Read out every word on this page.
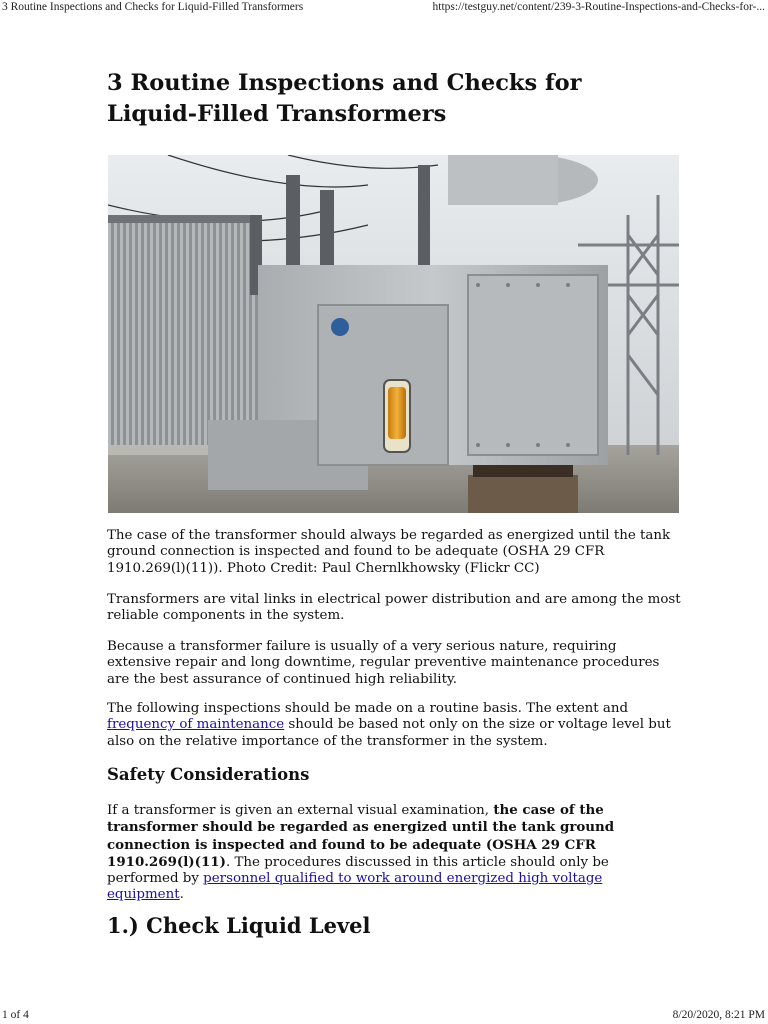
3 Routine Inspections and Checks for Liquid-Filled Transformers	https://testguy.net/content/239-3-Routine-Inspections-and-Checks-for-...
3 Routine Inspections and Checks for Liquid-Filled Transformers

The case of the transformer should always be regarded as energized until the tank ground connection is inspected and found to be adequate (OSHA 29 CFR 1910.269(l)(11)). Photo Credit: Paul Chernlkhowsky (Flickr CC)

Transformers are vital links in electrical power distribution and are among the most reliable components in the system.

Because a transformer failure is usually of a very serious nature, requiring extensive repair and long downtime, regular preventive maintenance procedures are the best assurance of continued high reliability.

The following inspections should be made on a routine basis. The extent and frequency of maintenance should be based not only on the size or voltage level but also on the relative importance of the transformer in the system.

Safety Considerations

If a transformer is given an external visual examination, the case of the transformer should be regarded as energized until the tank ground connection is inspected and found to be adequate (OSHA 29 CFR 1910.269(l)(11). The procedures discussed in this article should only be performed by personnel qualified to work around energized high voltage equipment.

1.) Check Liquid Level
1 of 4	8/20/2020, 8:21 PM
